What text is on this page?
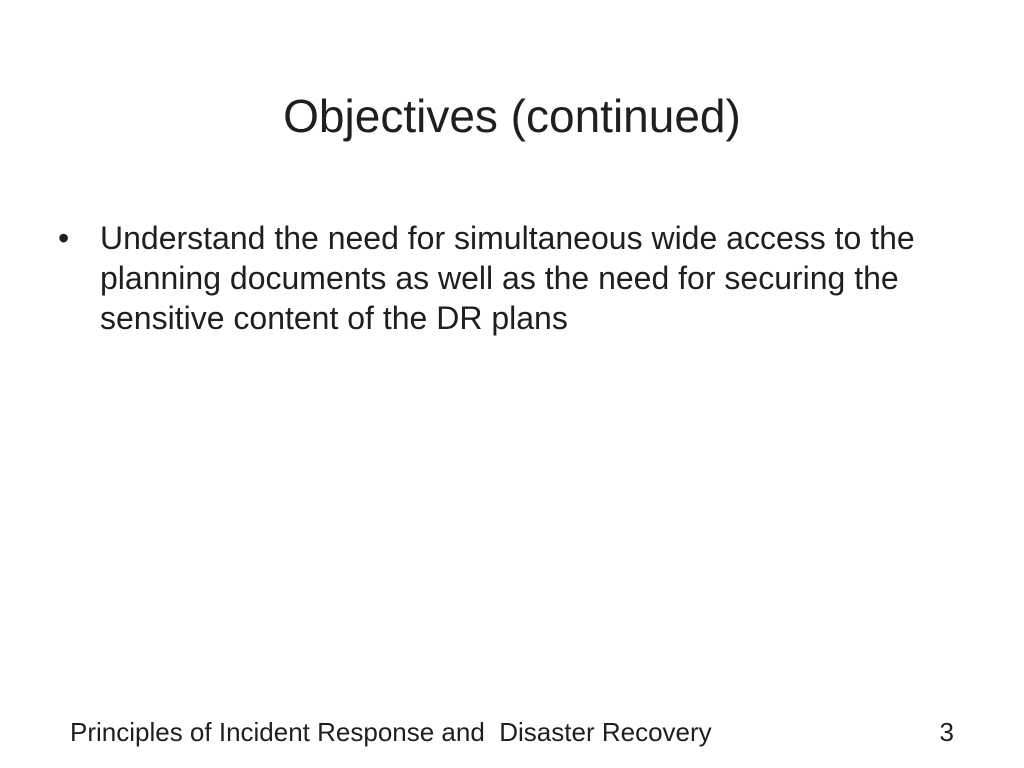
Objectives (continued)
• Understand the need for simultaneous wide access to the planning documents as well as the need for securing the sensitive content of the DR plans
Principles of Incident Response and  Disaster Recovery	3
